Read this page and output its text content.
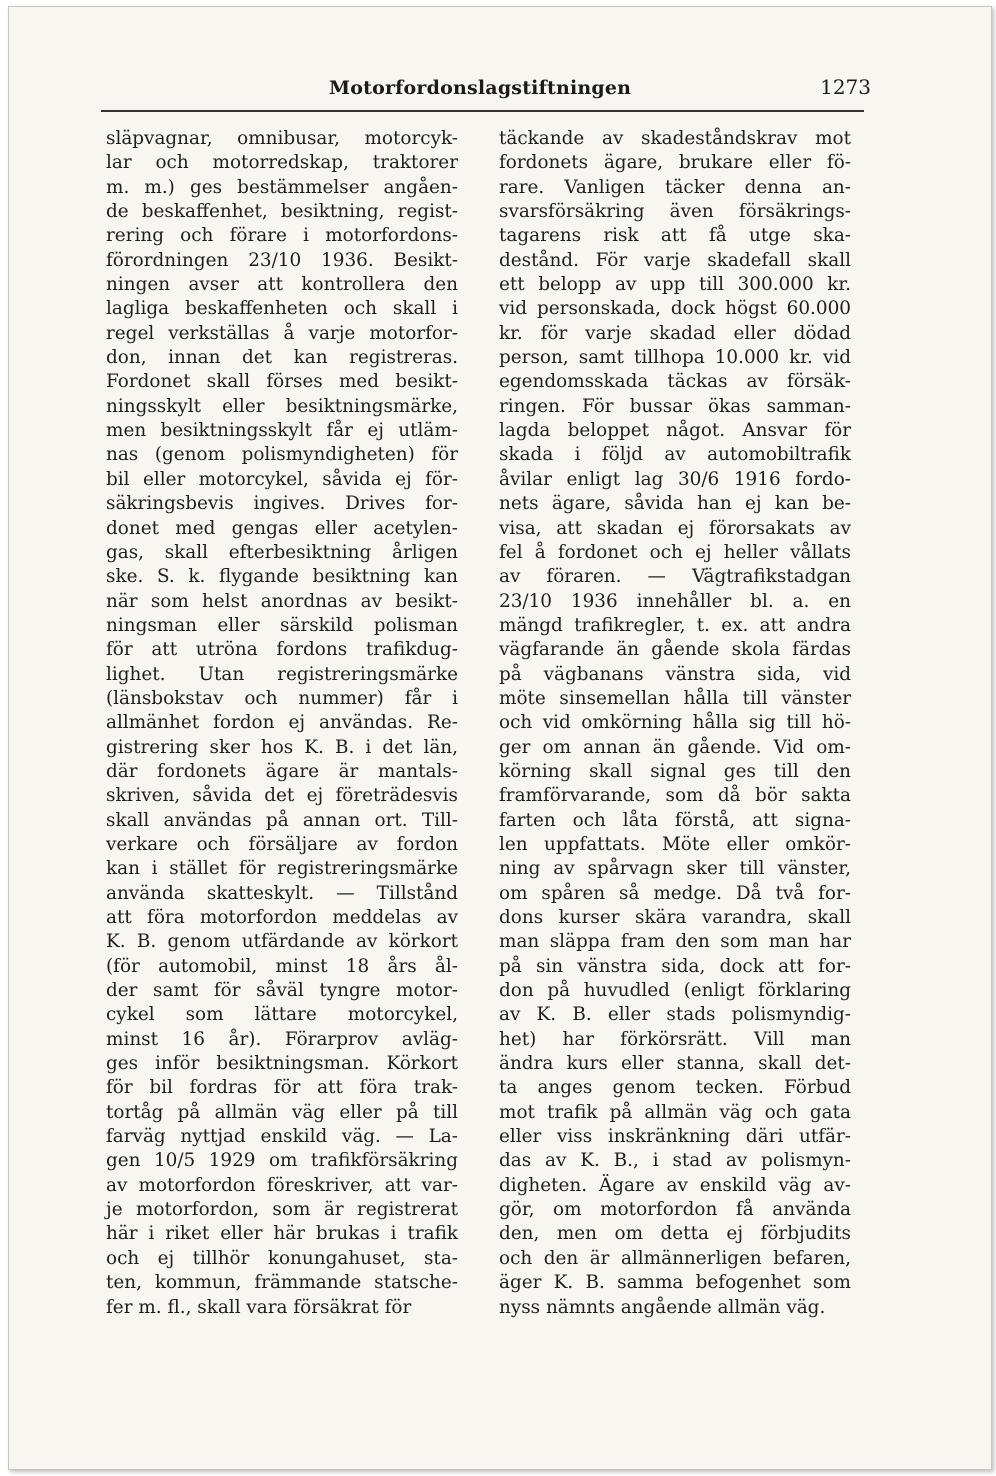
Motorfordonslagstiftningen	1273
släpvagnar, omnibusar, motorcyk-
lar och motorredskap, traktorer
m. m.) ges bestämmelser angåen-
de beskaffenhet, besiktning, regist-
rering och förare i motorfordons-
förordningen 23/10 1936. Besikt-
ningen avser att kontrollera den
lagliga beskaffenheten och skall i
regel verkställas å varje motorfor-
don, innan det kan registreras.
Fordonet skall förses med besikt-
ningsskylt eller besiktningsmärke,
men besiktningsskylt får ej utläm-
nas (genom polismyndigheten) för
bil eller motorcykel, såvida ej för-
säkringsbevis ingives. Drives for-
donet med gengas eller acetylen-
gas, skall efterbesiktning årligen
ske. S. k. flygande besiktning kan
när som helst anordnas av besikt-
ningsman eller särskild polisman
för att utröna fordons trafikdug-
lighet. Utan registreringsmärke
(länsbokstav och nummer) får i
allmänhet fordon ej användas. Re-
gistrering sker hos K. B. i det län,
där fordonets ägare är mantals-
skriven, såvida det ej företrädesvis
skall användas på annan ort. Till-
verkare och försäljare av fordon
kan i stället för registreringsmärke
använda skatteskylt. — Tillstånd
att föra motorfordon meddelas av
K. B. genom utfärdande av körkort
(för automobil, minst 18 års ål-
der samt för såväl tyngre motor-
cykel som lättare motorcykel,
minst 16 år). Förarprov avläg-
ges inför besiktningsman. Körkort
för bil fordras för att föra trak-
tortåg på allmän väg eller på till
farväg nyttjad enskild väg. — La-
gen 10/5 1929 om trafikförsäkring
av motorfordon föreskriver, att var-
je motorfordon, som är registrerat
här i riket eller här brukas i trafik
och ej tillhör konungahuset, sta-
ten, kommun, främmande statsche-
fer m. fl., skall vara försäkrat för
täckande av skadeståndskrav mot
fordonets ägare, brukare eller fö-
rare. Vanligen täcker denna an-
svarsförsäkring även försäkrings-
tagarens risk att få utge ska-
destånd. För varje skadefall skall
ett belopp av upp till 300.000 kr.
vid personskada, dock högst 60.000
kr. för varje skadad eller dödad
person, samt tillhopa 10.000 kr. vid
egendomsskada täckas av försäk-
ringen. För bussar ökas samman-
lagda beloppet något. Ansvar för
skada i följd av automobiltrafik
åvilar enligt lag 30/6 1916 fordo-
nets ägare, såvida han ej kan be-
visa, att skadan ej förorsakats av
fel å fordonet och ej heller vållats
av föraren. — Vägtrafikstadgan
23/10 1936 innehåller bl. a. en
mängd trafikregler, t. ex. att andra
vägfarande än gående skola färdas
på vägbanans vänstra sida, vid
möte sinsemellan hålla till vänster
och vid omkörning hålla sig till hö-
ger om annan än gående. Vid om-
körning skall signal ges till den
framförvarande, som då bör sakta
farten och låta förstå, att signa-
len uppfattats. Möte eller omkör-
ning av spårvagn sker till vänster,
om spåren så medge. Då två for-
dons kurser skära varandra, skall
man släppa fram den som man har
på sin vänstra sida, dock att for-
don på huvudled (enligt förklaring
av K. B. eller stads polismyndig-
het) har förkörsrätt. Vill man
ändra kurs eller stanna, skall det-
ta anges genom tecken. Förbud
mot trafik på allmän väg och gata
eller viss inskränkning däri utfär-
das av K. B., i stad av polismyn-
digheten. Ägare av enskild väg av-
gör, om motorfordon få använda
den, men om detta ej förbjudits
och den är allmännerligen befaren,
äger K. B. samma befogenhet som
nyss nämnts angående allmän väg.
